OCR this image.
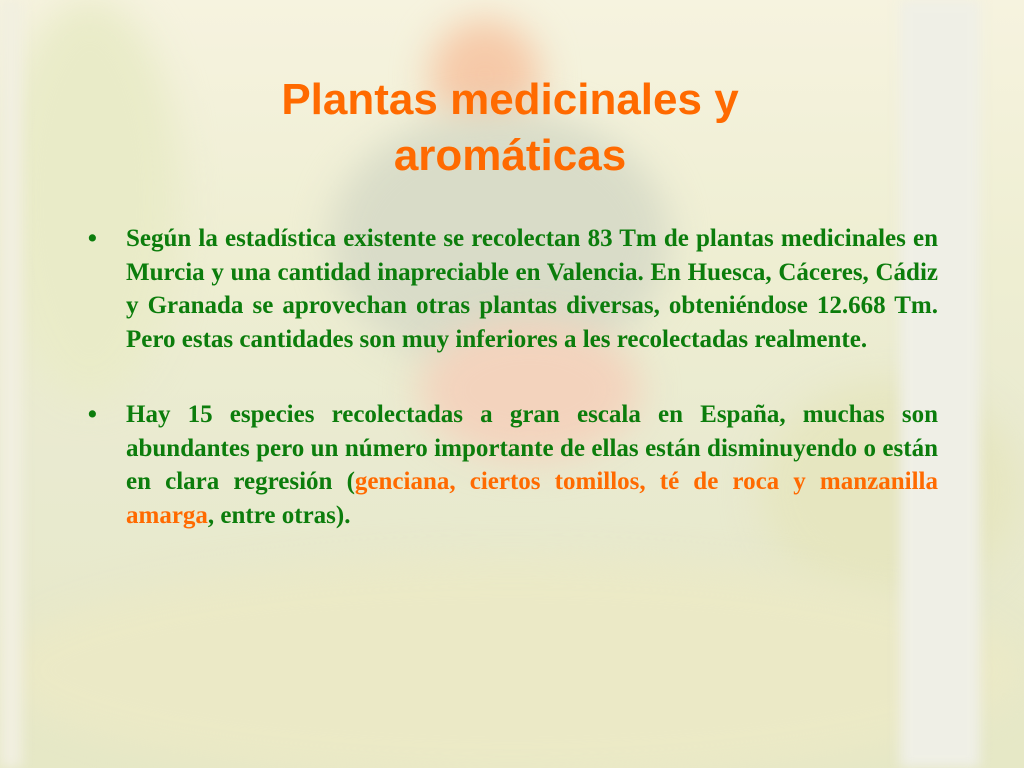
Plantas medicinales y
aromáticas
• Según la estadística existente se recolectan 83 Tm de plantas medicinales en Murcia y una cantidad inapreciable en Valencia. En Huesca, Cáceres, Cádiz y Granada se aprovechan otras plantas diversas, obteniéndose 12.668 Tm. Pero estas cantidades son muy inferiores a les recolectadas realmente.
• Hay 15 especies recolectadas a gran escala en España, muchas son abundantes pero un número importante de ellas están disminuyendo o están en clara regresión (genciana, ciertos tomillos, té de roca y manzanilla amarga, entre otras).
